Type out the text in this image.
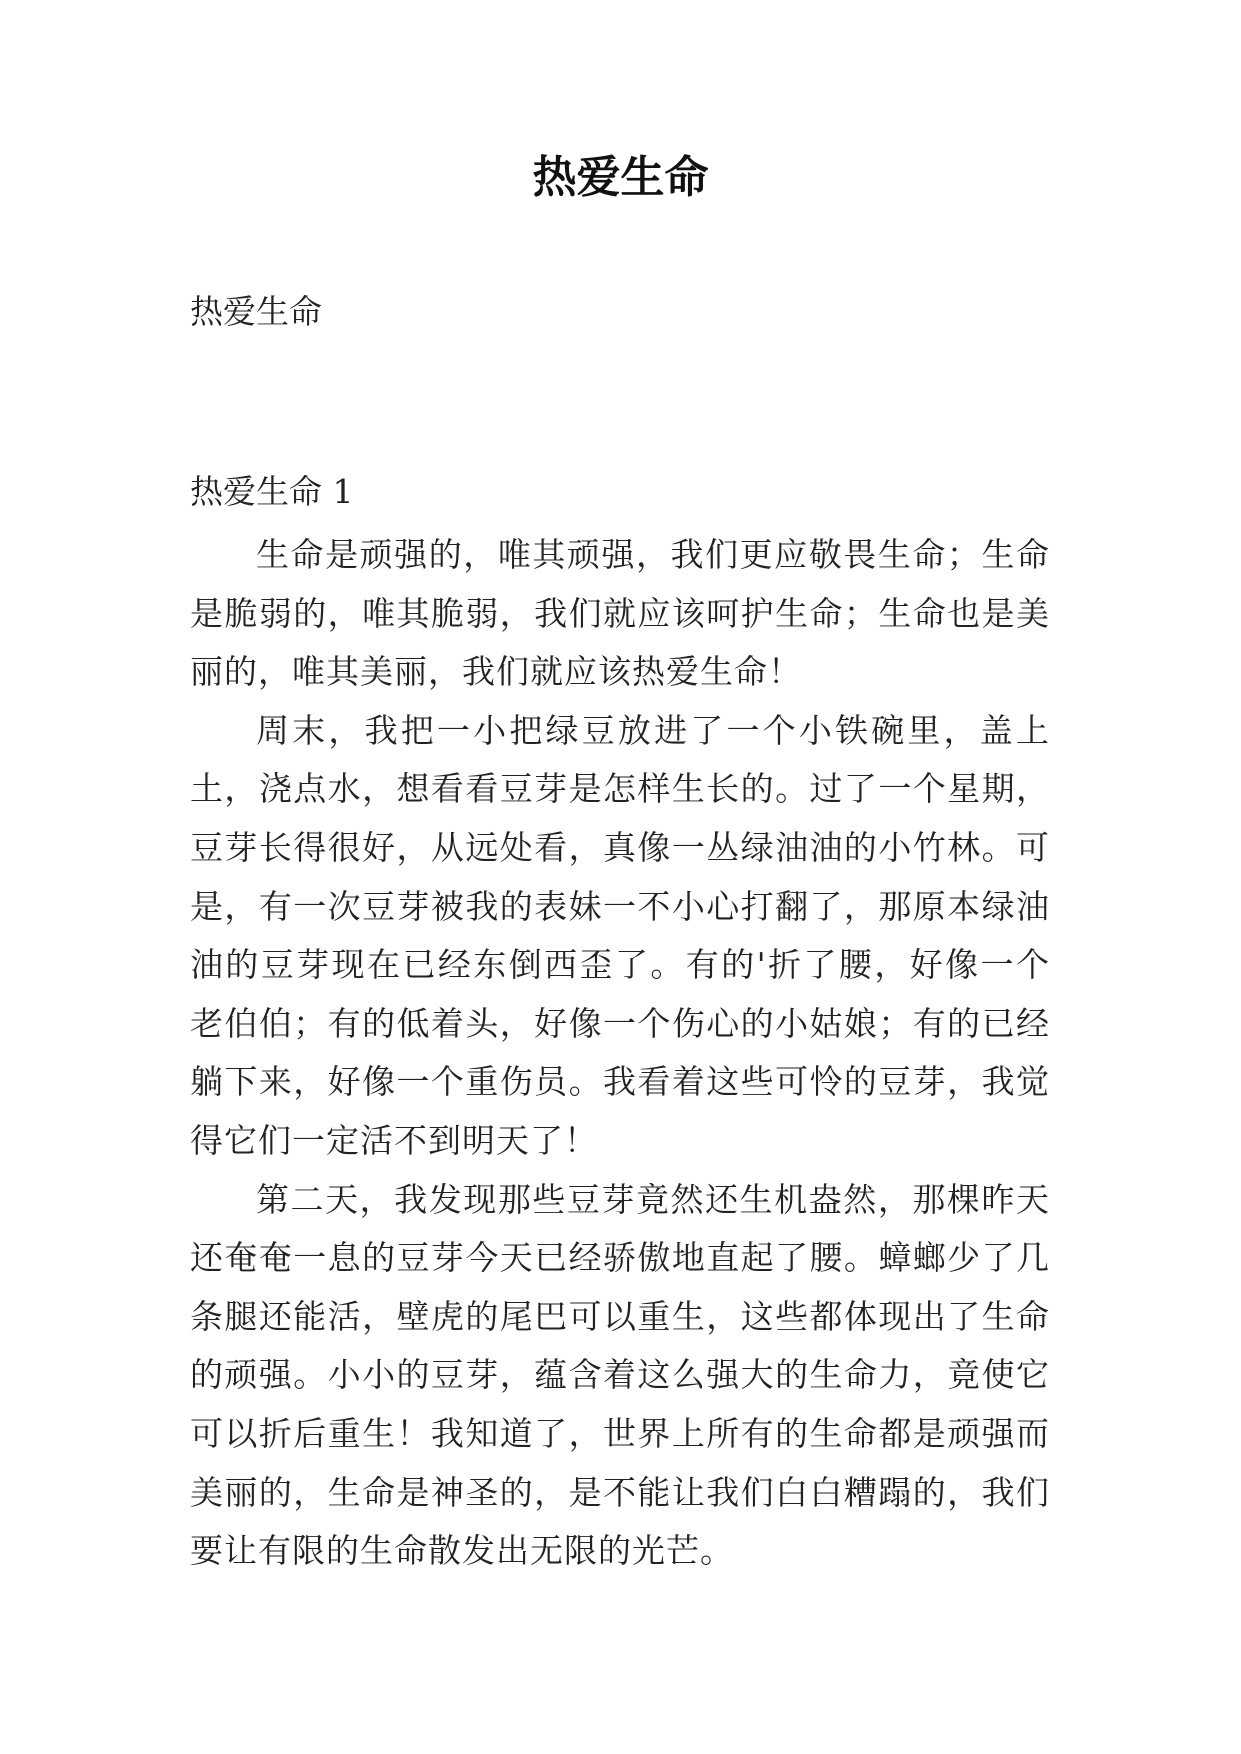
热爱生命

热爱生命

热爱生命 1

生命是顽强的，唯其顽强，我们更应敬畏生命；生命是脆弱的，唯其脆弱，我们就应该呵护生命；生命也是美丽的，唯其美丽，我们就应该热爱生命！

周末，我把一小把绿豆放进了一个小铁碗里，盖上土，浇点水，想看看豆芽是怎样生长的。过了一个星期，豆芽长得很好，从远处看，真像一丛绿油油的小竹林。可是，有一次豆芽被我的表妹一不小心打翻了，那原本绿油油的豆芽现在已经东倒西歪了。有的'折了腰，好像一个老伯伯；有的低着头，好像一个伤心的小姑娘；有的已经躺下来，好像一个重伤员。我看着这些可怜的豆芽，我觉得它们一定活不到明天了！

第二天，我发现那些豆芽竟然还生机盎然，那棵昨天还奄奄一息的豆芽今天已经骄傲地直起了腰。蟑螂少了几条腿还能活，壁虎的尾巴可以重生，这些都体现出了生命的顽强。小小的豆芽，蕴含着这么强大的生命力，竟使它可以折后重生！我知道了，世界上所有的生命都是顽强而美丽的，生命是神圣的，是不能让我们白白糟蹋的，我们要让有限的生命散发出无限的光芒。
